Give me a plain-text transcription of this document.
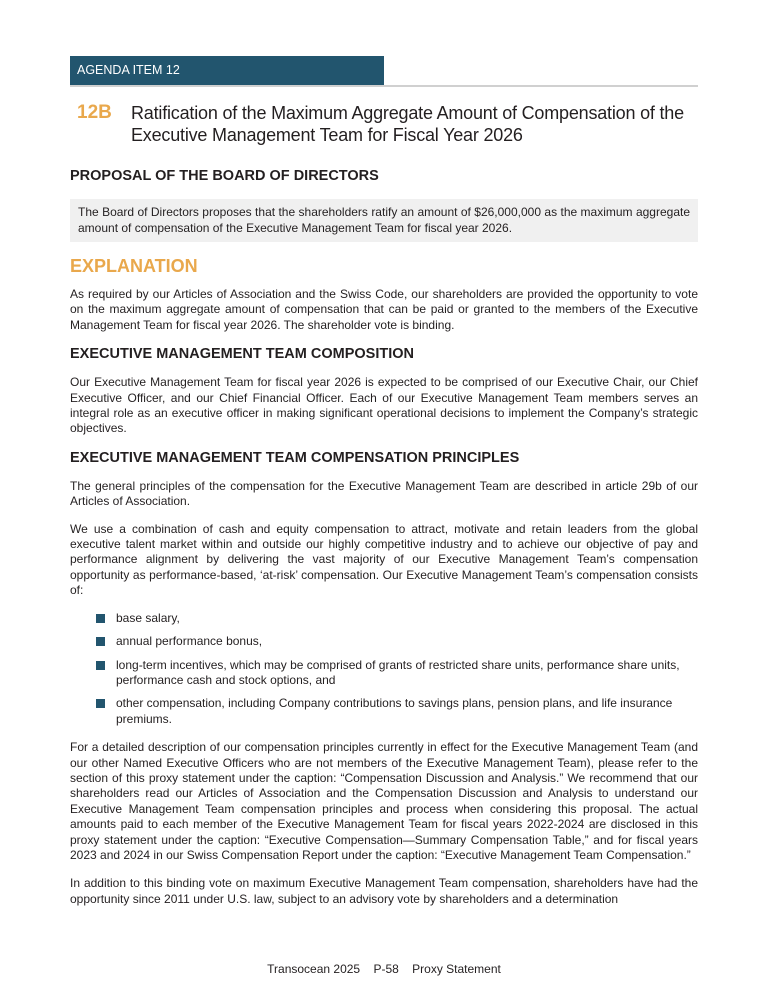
AGENDA ITEM 12
12B	Ratification of the Maximum Aggregate Amount of Compensation of the Executive Management Team for Fiscal Year 2026
PROPOSAL OF THE BOARD OF DIRECTORS
The Board of Directors proposes that the shareholders ratify an amount of $26,000,000 as the maximum aggregate amount of compensation of the Executive Management Team for fiscal year 2026.
EXPLANATION

As required by our Articles of Association and the Swiss Code, our shareholders are provided the opportunity to vote on the maximum aggregate amount of compensation that can be paid or granted to the members of the Executive Management Team for fiscal year 2026. The shareholder vote is binding.

EXECUTIVE MANAGEMENT TEAM COMPOSITION

Our Executive Management Team for fiscal year 2026 is expected to be comprised of our Executive Chair, our Chief Executive Officer, and our Chief Financial Officer. Each of our Executive Management Team members serves an integral role as an executive officer in making significant operational decisions to implement the Company’s strategic objectives.

EXECUTIVE MANAGEMENT TEAM COMPENSATION PRINCIPLES

The general principles of the compensation for the Executive Management Team are described in article 29b of our Articles of Association.

We use a combination of cash and equity compensation to attract, motivate and retain leaders from the global executive talent market within and outside our highly competitive industry and to achieve our objective of pay and performance alignment by delivering the vast majority of our Executive Management Team’s compensation opportunity as performance-based, ‘at-risk’ compensation. Our Executive Management Team’s compensation consists of:

base salary,
annual performance bonus,
long-term incentives, which may be comprised of grants of restricted share units, performance share units, performance cash and stock options, and
other compensation, including Company contributions to savings plans, pension plans, and life insurance premiums.

For a detailed description of our compensation principles currently in effect for the Executive Management Team (and our other Named Executive Officers who are not members of the Executive Management Team), please refer to the section of this proxy statement under the caption: “Compensation Discussion and Analysis.” We recommend that our shareholders read our Articles of Association and the Compensation Discussion and Analysis to understand our Executive Management Team compensation principles and process when considering this proposal. The actual amounts paid to each member of the Executive Management Team for fiscal years 2022-2024 are disclosed in this proxy statement under the caption: “Executive Compensation—Summary Compensation Table,” and for fiscal years 2023 and 2024 in our Swiss Compensation Report under the caption: “Executive Management Team Compensation.”

In addition to this binding vote on maximum Executive Management Team compensation, shareholders have had the opportunity since 2011 under U.S. law, subject to an advisory vote by shareholders and a determination

Transocean 2025 P-58 Proxy Statement
